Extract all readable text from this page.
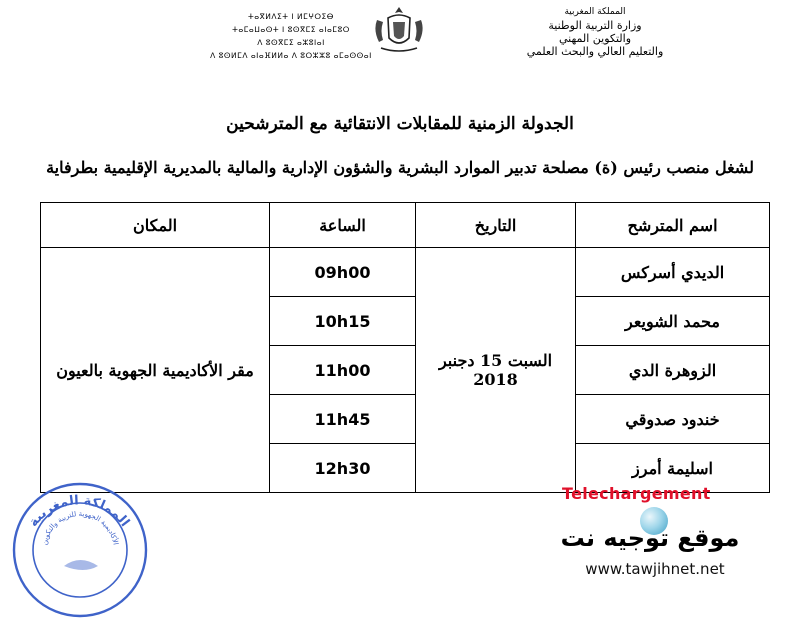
ⵜⴰⴳⵍⴷⵉⵜ ⵏ ⵍⵎⵖⵔⵉⴱ
ⵜⴰⵎⴰⵡⴰⵙⵜ ⵏ ⵓⵙⴳⵎⵉ ⴰⵏⴰⵎⵓⵔ
ⴷ ⵓⵙⴳⵎⵉ ⴰⵣⵓⵏⴰⵏ
ⴷ ⵓⵙⵍⵎⴷ ⴰⵏⴰⴼⵍⵍⴰ ⴷ ⵓⵔⵣⵣⵓ ⴰⵎⴰⵙⵙⴰⵏ
المملكة المغربية
وزارة التربية الوطنية
والتكوين المهني
والتعليم العالي والبحث العلمي
الجدولة الزمنية للمقابلات الانتقائية مع المترشحين
لشغل منصب رئيس (ة) مصلحة تدبير الموارد البشرية والشؤون الإدارية والمالية بالمديرية الإقليمية بطرفاية
اسم المترشح	التاريخ	الساعة	المكان
الديدي أسركس	السبت 15 دجنبر 2018	09h00	مقر الأكاديمية الجهوية بالعيون
محمد الشويعر		10h15	
الزوهرة الدي		11h00	
خندود صدوقي		11h45	
اسليمة أمرز		12h30	
المملكة المغربية
الأكاديمية الجهوية للتربية والتكوين
Telechargement
موقع توجيه نت
www.tawjihnet.net
